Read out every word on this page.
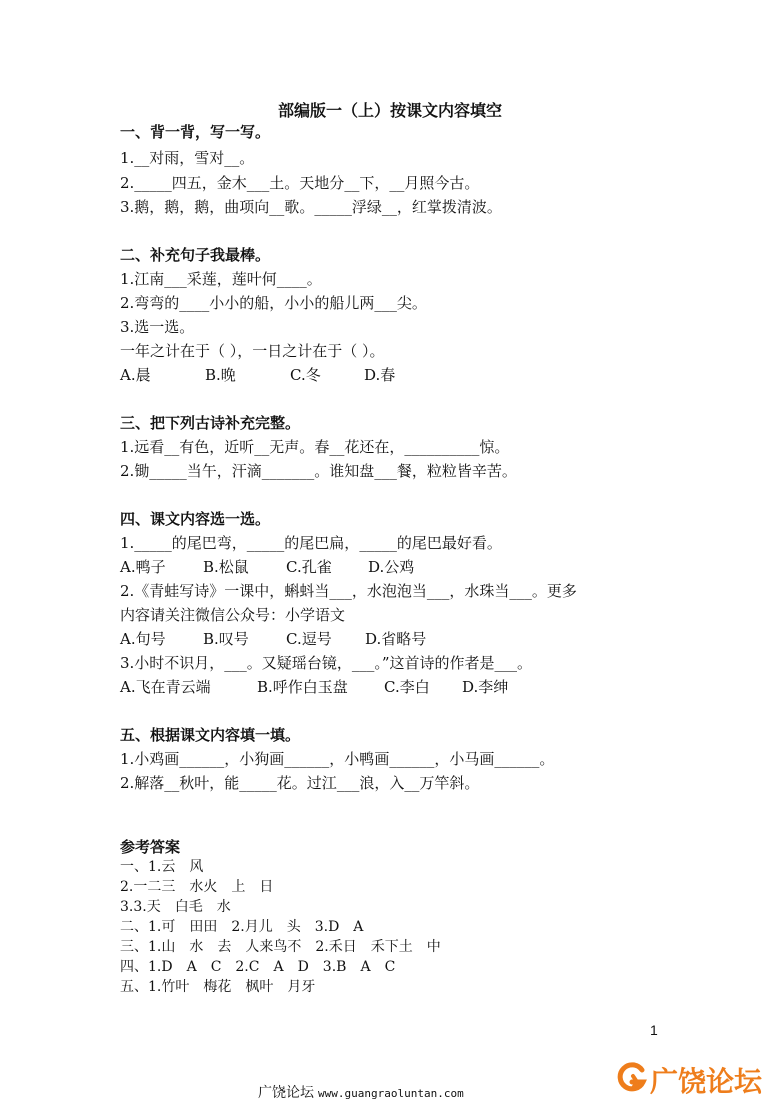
部编版一（上）按课文内容填空
一、背一背，写一写。
1.__对雨，雪对__。
2._____四五，金木___土。天地分__下，__月照今古。
3.鹅，鹅，鹅，曲项向__歌。_____浮绿__，红掌拨清波。
二、补充句子我最棒。
1.江南___采莲，莲叶何____。
2.弯弯的____小小的船，小小的船儿两___尖。
3.选一选。
一年之计在于（ ），一日之计在于（ ）。
A.晨	B.晚	C.冬	D.春
三、把下列古诗补充完整。
1.远看__有色，近听__无声。春__花还在，__________惊。
2.锄_____当午，汗滴_______。谁知盘___餐，粒粒皆辛苦。
四、课文内容选一选。
1._____的尾巴弯，_____的尾巴扁，_____的尾巴最好看。
A.鸭子 B.松鼠 C.孔雀 D.公鸡
2.《青蛙写诗》一课中，蝌蚪当___，水泡泡当___，水珠当___。更多
内容请关注微信公众号：小学语文
A.句号 B.叹号 C.逗号 D.省略号
3.小时不识月，___。又疑瑶台镜，___。”这首诗的作者是___。
A.飞在青云端	B.呼作白玉盘 C.李白 D.李绅
五、根据课文内容填一填。
1.小鸡画______，小狗画______，小鸭画______，小马画______。
2.解落__秋叶，能_____花。过江___浪，入__万竿斜。
参考答案
一、1.云　风
2.一二三　水火　上　日
3.3.天　白毛　水
二、1.可　田田　2.月儿　头　3.D　A
三、1.山　水　去　人来鸟不　2.禾日　禾下土　中
四、1.D　A　C　2.C　A　D　3.B　A　C
五、1.竹叶　梅花　枫叶　月牙
1
广饶论坛 www.guangraoluntan.com	广饶论坛
